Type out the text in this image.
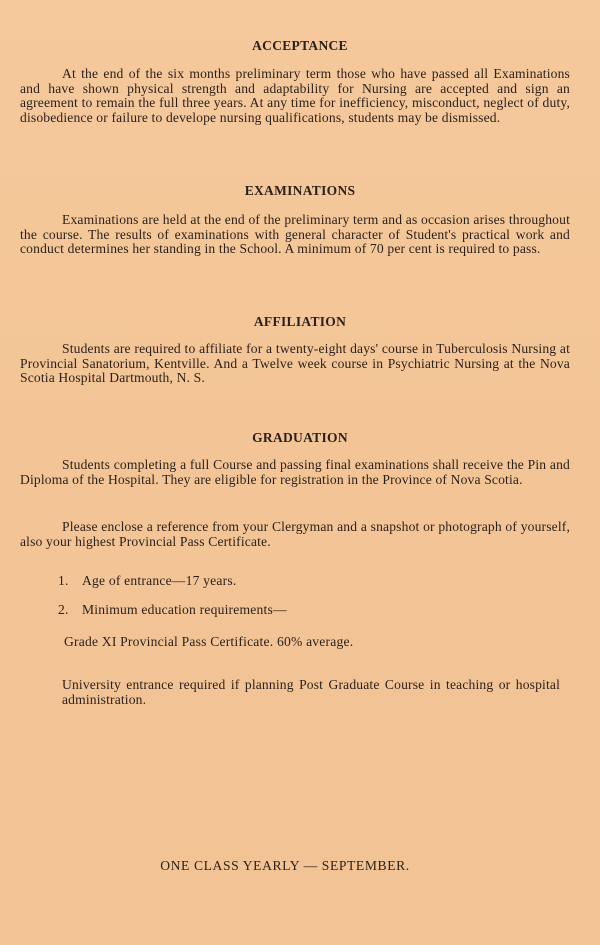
ACCEPTANCE
At the end of the six months preliminary term those who have passed all Examinations and have shown physical strength and adaptability for Nursing are accepted and sign an agreement to remain the full three years. At any time for inefficiency, misconduct, neglect of duty, disobedience or failure to develope nursing qualifications, students may be dismissed.
EXAMINATIONS
Examinations are held at the end of the preliminary term and as occasion arises throughout the course. The results of examinations with general character of Student's practical work and conduct determines her standing in the School. A minimum of 70 per cent is required to pass.
AFFILIATION
Students are required to affiliate for a twenty-eight days' course in Tuberculosis Nursing at Provincial Sanatorium, Kentville. And a Twelve week course in Psychiatric Nursing at the Nova Scotia Hospital Dartmouth, N. S.
GRADUATION
Students completing a full Course and passing final examinations shall receive the Pin and Diploma of the Hospital. They are eligible for registration in the Province of Nova Scotia.
Please enclose a reference from your Clergyman and a snapshot or photograph of yourself, also your highest Provincial Pass Certificate.
1. Age of entrance—17 years.
2. Minimum education requirements—
Grade XI Provincial Pass Certificate. 60% average.
University entrance required if planning Post Graduate Course in teaching or hospital administration.
ONE CLASS YEARLY — SEPTEMBER.
